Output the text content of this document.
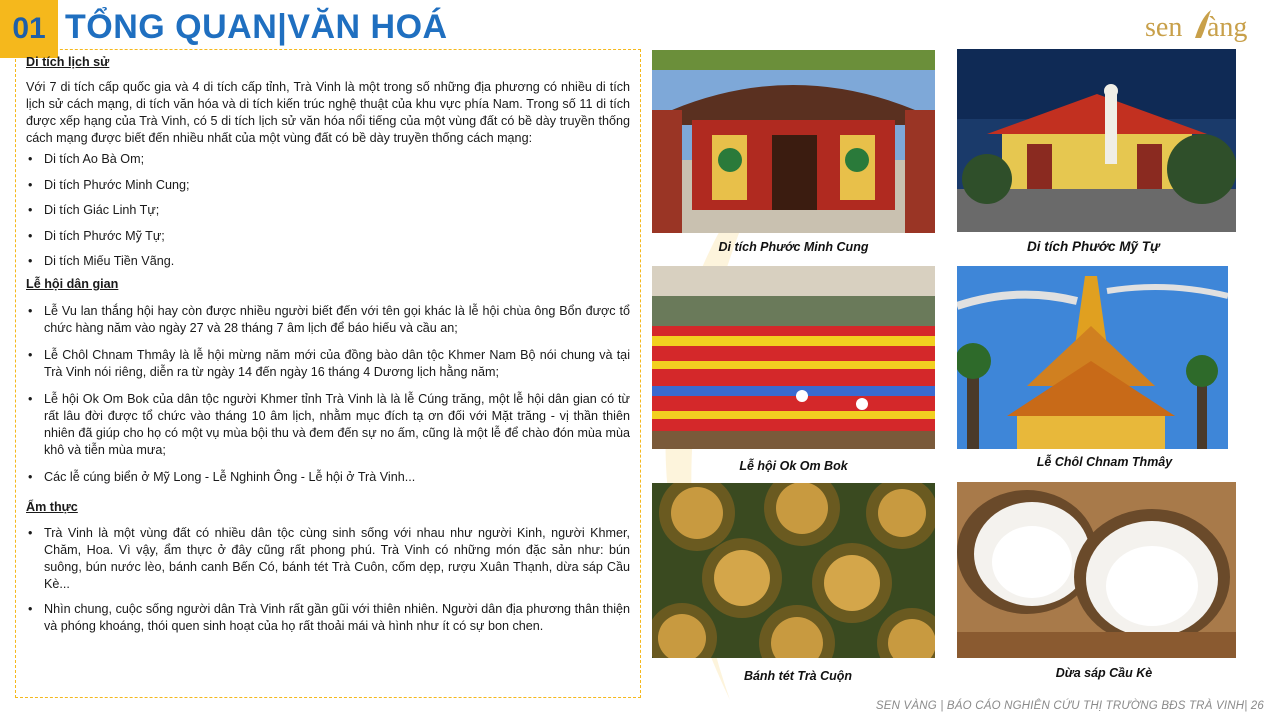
01 TỔNG QUAN|VĂN HOÁ	sen àng
Di tích lịch sử
Với 7 di tích cấp quốc gia và 4 di tích cấp tỉnh, Trà Vinh là một trong số những địa phương có nhiều di tích lịch sử cách mạng, di tích văn hóa và di tích kiến trúc nghệ thuật của khu vực phía Nam. Trong số 11 di tích được xếp hạng của Trà Vinh, có 5 di tích lịch sử văn hóa nổi tiếng của một vùng đất có bề dày truyền thống cách mạng được biết đến nhiều nhất của một vùng đất có bề dày truyền thống cách mạng:
• Di tích Ao Bà Om;
• Di tích Phước Minh Cung;
• Di tích Giác Linh Tự;
• Di tích Phước Mỹ Tự;
• Di tích Miếu Tiền Vãng.
Lễ hội dân gian
• Lễ Vu lan thắng hội hay còn được nhiều người biết đến với tên gọi khác là lễ hội chùa ông Bổn được tổ chức hàng năm vào ngày 27 và 28 tháng 7 âm lịch để báo hiếu và cầu an;
• Lễ Chôl Chnam Thmây là lễ hội mừng năm mới của đồng bào dân tộc Khmer Nam Bộ nói chung và tại Trà Vinh nói riêng, diễn ra từ ngày 14 đến ngày 16 tháng 4 Dương lịch hằng năm;
• Lễ hội Ok Om Bok của dân tộc người Khmer tỉnh Trà Vinh là là lễ Cúng trăng, một lễ hội dân gian có từ rất lâu đời được tổ chức vào tháng 10 âm lịch, nhằm mục đích tạ ơn đối với Mặt trăng - vị thần thiên nhiên đã giúp cho họ có một vụ mùa bội thu và đem đến sự no ấm, cũng là một lễ để chào đón mùa mùa khô và tiễn mùa mưa;
• Các lễ cúng biển ở Mỹ Long - Lễ Nghinh Ông - Lễ hội ở Trà Vinh...
Ẩm thực
• Trà Vinh là một vùng đất có nhiều dân tộc cùng sinh sống với nhau như người Kinh, người Khmer, Chăm, Hoa. Vì vậy, ẩm thực ở đây cũng rất phong phú. Trà Vinh có những món đặc sản như: bún suông, bún nước lèo, bánh canh Bến Có, bánh tét Trà Cuôn, cốm dẹp, rượu Xuân Thạnh, dừa sáp Cầu Kè...
• Nhìn chung, cuộc sống người dân Trà Vinh rất gần gũi với thiên nhiên. Người dân địa phương thân thiện và phóng khoáng, thói quen sinh hoạt của họ rất thoải mái và hình như ít có sự bon chen.
Di tích Phước Minh Cung	Di tích Phước Mỹ Tự
Lễ hội Ok Om Bok	Lễ Chôl Chnam Thmây
Bánh tét Trà Cuộn	Dừa sáp Cầu Kè
SEN VÀNG | BÁO CÁO NGHIÊN CỨU THỊ TRƯỜNG BĐS TRÀ VINH| 26
